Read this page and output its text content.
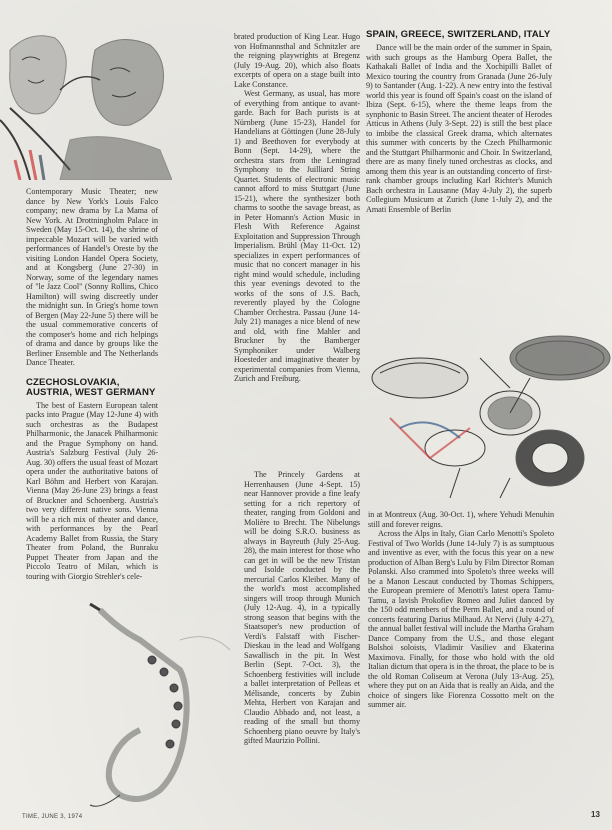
Contemporary Music Theater; new dance by New York's Louis Falco company; new drama by La Mama of New York. At Drottningholm Palace in Sweden (May 15-Oct. 14), the shrine of impeccable Mozart will be varied with performances of Handel's Oreste by the visiting London Handel Opera Society, and at Kongsberg (June 27-30) in Norway, some of the legendary names of "le Jazz Cool" (Sonny Rollins, Chico Hamilton) will swing discreetly under the midnight sun. In Grieg's home town of Bergen (May 22-June 5) there will be the usual commemorative concerts of the composer's home and rich helpings of drama and dance by groups like the Berliner Ensemble and The Netherlands Dance Theater.

CZECHOSLOVAKIA, AUSTRIA, WEST GERMANY

The best of Eastern European talent packs into Prague (May 12-June 4) with such orchestras as the Budapest Philharmonic, the Janacek Philharmonic and the Prague Symphony on hand. Austria's Salzburg Festival (July 26-Aug. 30) offers the usual feast of Mozart opera under the authoritative batons of Karl Böhm and Herbert von Karajan. Vienna (May 26-June 23) brings a feast of Bruckner and Schoenberg. Austria's two very different native sons. Vienna will be a rich mix of theater and dance, with performances by the Pearl Academy Ballet from Russia, the Stary Theater from Poland, the Bunraku Puppet Theater from Japan and the Piccolo Teatro of Milan, which is touring with Giorgio Strehler's cele-

brated production of King Lear. Hugo von Hofmannsthal and Schnitzler are the reigning playwrights at Bregenz (July 19-Aug. 20), which also floats excerpts of opera on a stage built into Lake Constance.

West Germany, as usual, has more of everything from antique to avant-garde. Bach for Bach purists is at Nürnberg (June 15-23), Handel for Handelians at Göttingen (June 28-July 1) and Beethoven for everybody at Bonn (Sept. 14-29), where the orchestra stars from the Leningrad Symphony to the Juilliard String Quartet. Students of electronic music cannot afford to miss Stuttgart (June 15-21), where the synthesizer both charms to soothe the savage breast, as in Peter Homann's Action Music in Flesh With Reference Against Exploitation and Suppression Through Imperialism. Brühl (May 11-Oct. 12) specializes in expert performances of music that no concert manager in his right mind would schedule, including this year evenings devoted to the works of the sons of J.S. Bach, reverently played by the Cologne Chamber Orchestra. Passau (June 14-July 21) manages a nice blend of new and old, with fine Mahler and Bruckner by the Bamberger Symphoniker under Walberg Hoesteder and imaginative theater by experimental companies from Vienna, Zurich and Freiburg.

The Princely Gardens at Herrenhausen (June 4-Sept. 15) near Hannover provide a fine leafy setting for a rich repertory of theater, ranging from Goldoni and Molière to Brecht. The Nibelungs will be doing S.R.O. business as always in Bayreuth (July 25-Aug. 28), the main interest for those who can get in will be the new Tristan und Isolde conducted by the mercurial Carlos Kleiber. Many of the world's most accomplished singers will troop through Munich (July 12-Aug. 4), in a typically strong season that begins with the Staatsoper's new production of Verdi's Falstaff with Fischer-Dieskau in the lead and Wolfgang Sawallisch in the pit. In West Berlin (Sept. 7-Oct. 3), the Schoenberg festivities will include a ballet interpretation of Pelleas et Mélisande, concerts by Zubin Mehta, Herbert von Karajan and Claudio Abbado and, not least, a reading of the small but thorny Schoenberg piano oeuvre by Italy's gifted Maurizio Pollini.

SPAIN, GREECE, SWITZERLAND, ITALY

Dance will be the main order of the summer in Spain, with such groups as the Hamburg Opera Ballet, the Kathakali Ballet of India and the Xochipilli Ballet of Mexico touring the country from Granada (June 26-July 9) to Santander (Aug. 1-22). A new entry into the festival world this year is found off Spain's coast on the island of Ibiza (Sept. 6-15), where the theme leaps from the synphonic to Basin Street. The ancient theater of Herodes Atticus in Athens (July 3-Sept. 22) is still the best place to imbibe the classical Greek drama, which alternates this summer with concerts by the Czech Philharmonic and the Stuttgart Philharmonic and Choir. In Switzerland, there are as many finely tuned orchestras as clocks, and among them this year is an outstanding concerto of first-rank chamber groups including Karl Richter's Munich Bach orchestra in Lausanne (May 4-July 2), the superb Collegium Musicum at Zurich (June 1-July 2), and the Amati Ensemble of Berlin

in at Montreux (Aug. 30-Oct. 1), where Yehudi Menuhin still and forever reigns.

Across the Alps in Italy, Gian Carlo Menotti's Spoleto Festival of Two Worlds (June 14-July 7) is as sumptuous and inventive as ever, with the focus this year on a new production of Alban Berg's Lulu by Film Director Roman Polanski. Also crammed into Spoleto's three weeks will be a Manon Lescaut conducted by Thomas Schippers, the European premiere of Menotti's latest opera Tamu-Tamu, a lavish Prokofiev Romeo and Juliet danced by the 150 odd members of the Perm Ballet, and a round of concerts featuring Darius Milhaud. At Nervi (July 4-27), the annual ballet festival will include the Martha Graham Dance Company from the U.S., and those elegant Bolshoi soloists, Vladimir Vasiliev and Ekaterina Maximova. Finally, for those who hold with the old Italian dictum that opera is in the throat, the place to be is the old Roman Coliseum at Verona (July 13-Aug. 25), where they put on an Aida that is really an Aida, and the choice of singers like Fiorenza Cossotto melt on the summer air.

TIME, JUNE 3, 1974	13
